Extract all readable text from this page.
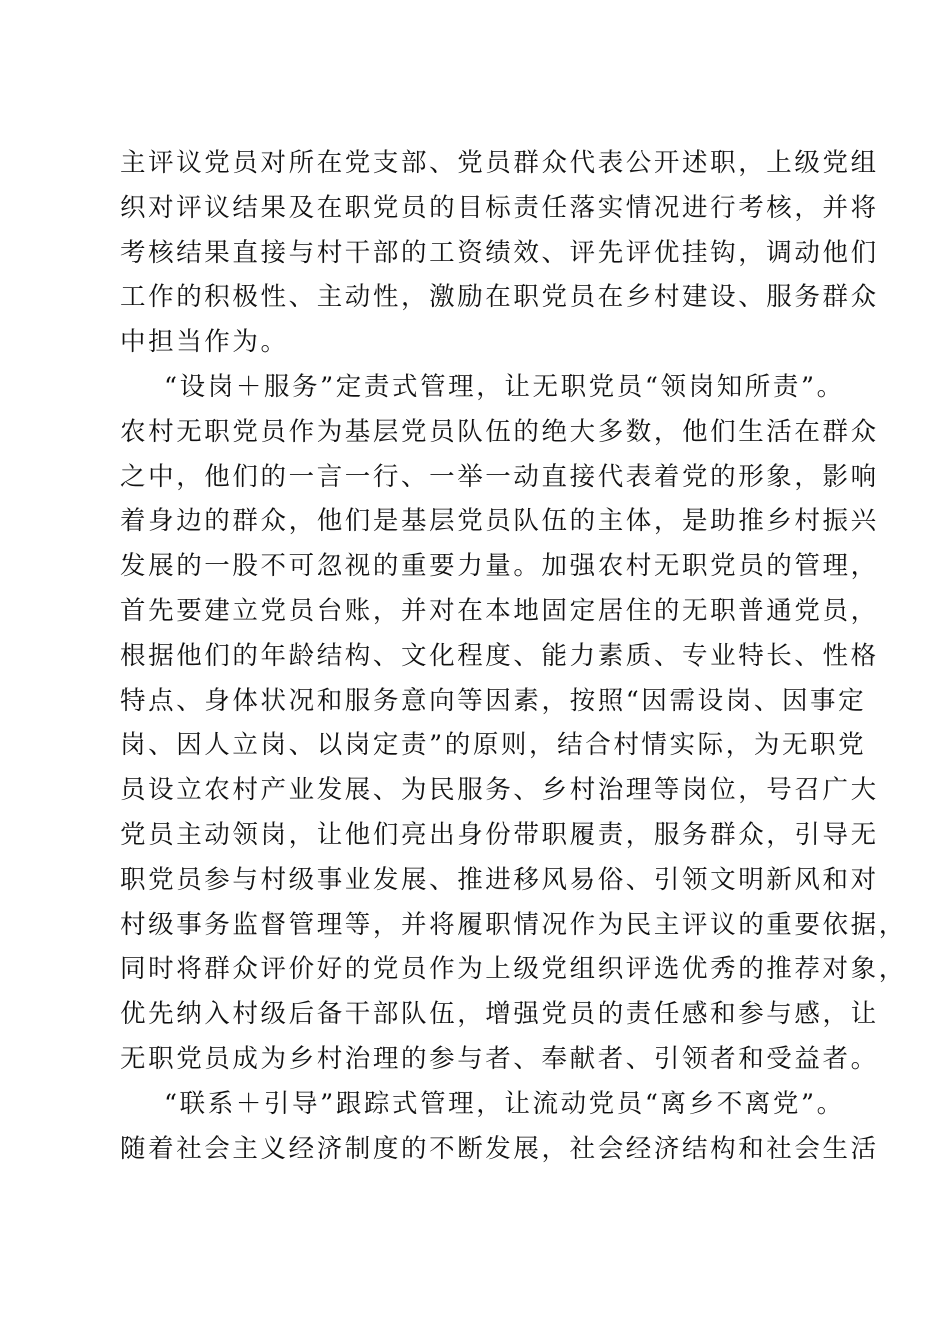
主评议党员对所在党支部、党员群众代表公开述职，上级党组
织对评议结果及在职党员的目标责任落实情况进行考核，并将
考核结果直接与村干部的工资绩效、评先评优挂钩，调动他们
工作的积极性、主动性，激励在职党员在乡村建设、服务群众
中担当作为。
“设岗＋服务”定责式管理，让无职党员“领岗知所责”。
农村无职党员作为基层党员队伍的绝大多数，他们生活在群众
之中，他们的一言一行、一举一动直接代表着党的形象，影响
着身边的群众，他们是基层党员队伍的主体，是助推乡村振兴
发展的一股不可忽视的重要力量。加强农村无职党员的管理，
首先要建立党员台账，并对在本地固定居住的无职普通党员，
根据他们的年龄结构、文化程度、能力素质、专业特长、性格
特点、身体状况和服务意向等因素，按照“因需设岗、因事定
岗、因人立岗、以岗定责”的原则，结合村情实际，为无职党
员设立农村产业发展、为民服务、乡村治理等岗位，号召广大
党员主动领岗，让他们亮出身份带职履责，服务群众，引导无
职党员参与村级事业发展、推进移风易俗、引领文明新风和对
村级事务监督管理等，并将履职情况作为民主评议的重要依据，
同时将群众评价好的党员作为上级党组织评选优秀的推荐对象，
优先纳入村级后备干部队伍，增强党员的责任感和参与感，让
无职党员成为乡村治理的参与者、奉献者、引领者和受益者。
“联系＋引导”跟踪式管理，让流动党员“离乡不离党”。
随着社会主义经济制度的不断发展，社会经济结构和社会生活
